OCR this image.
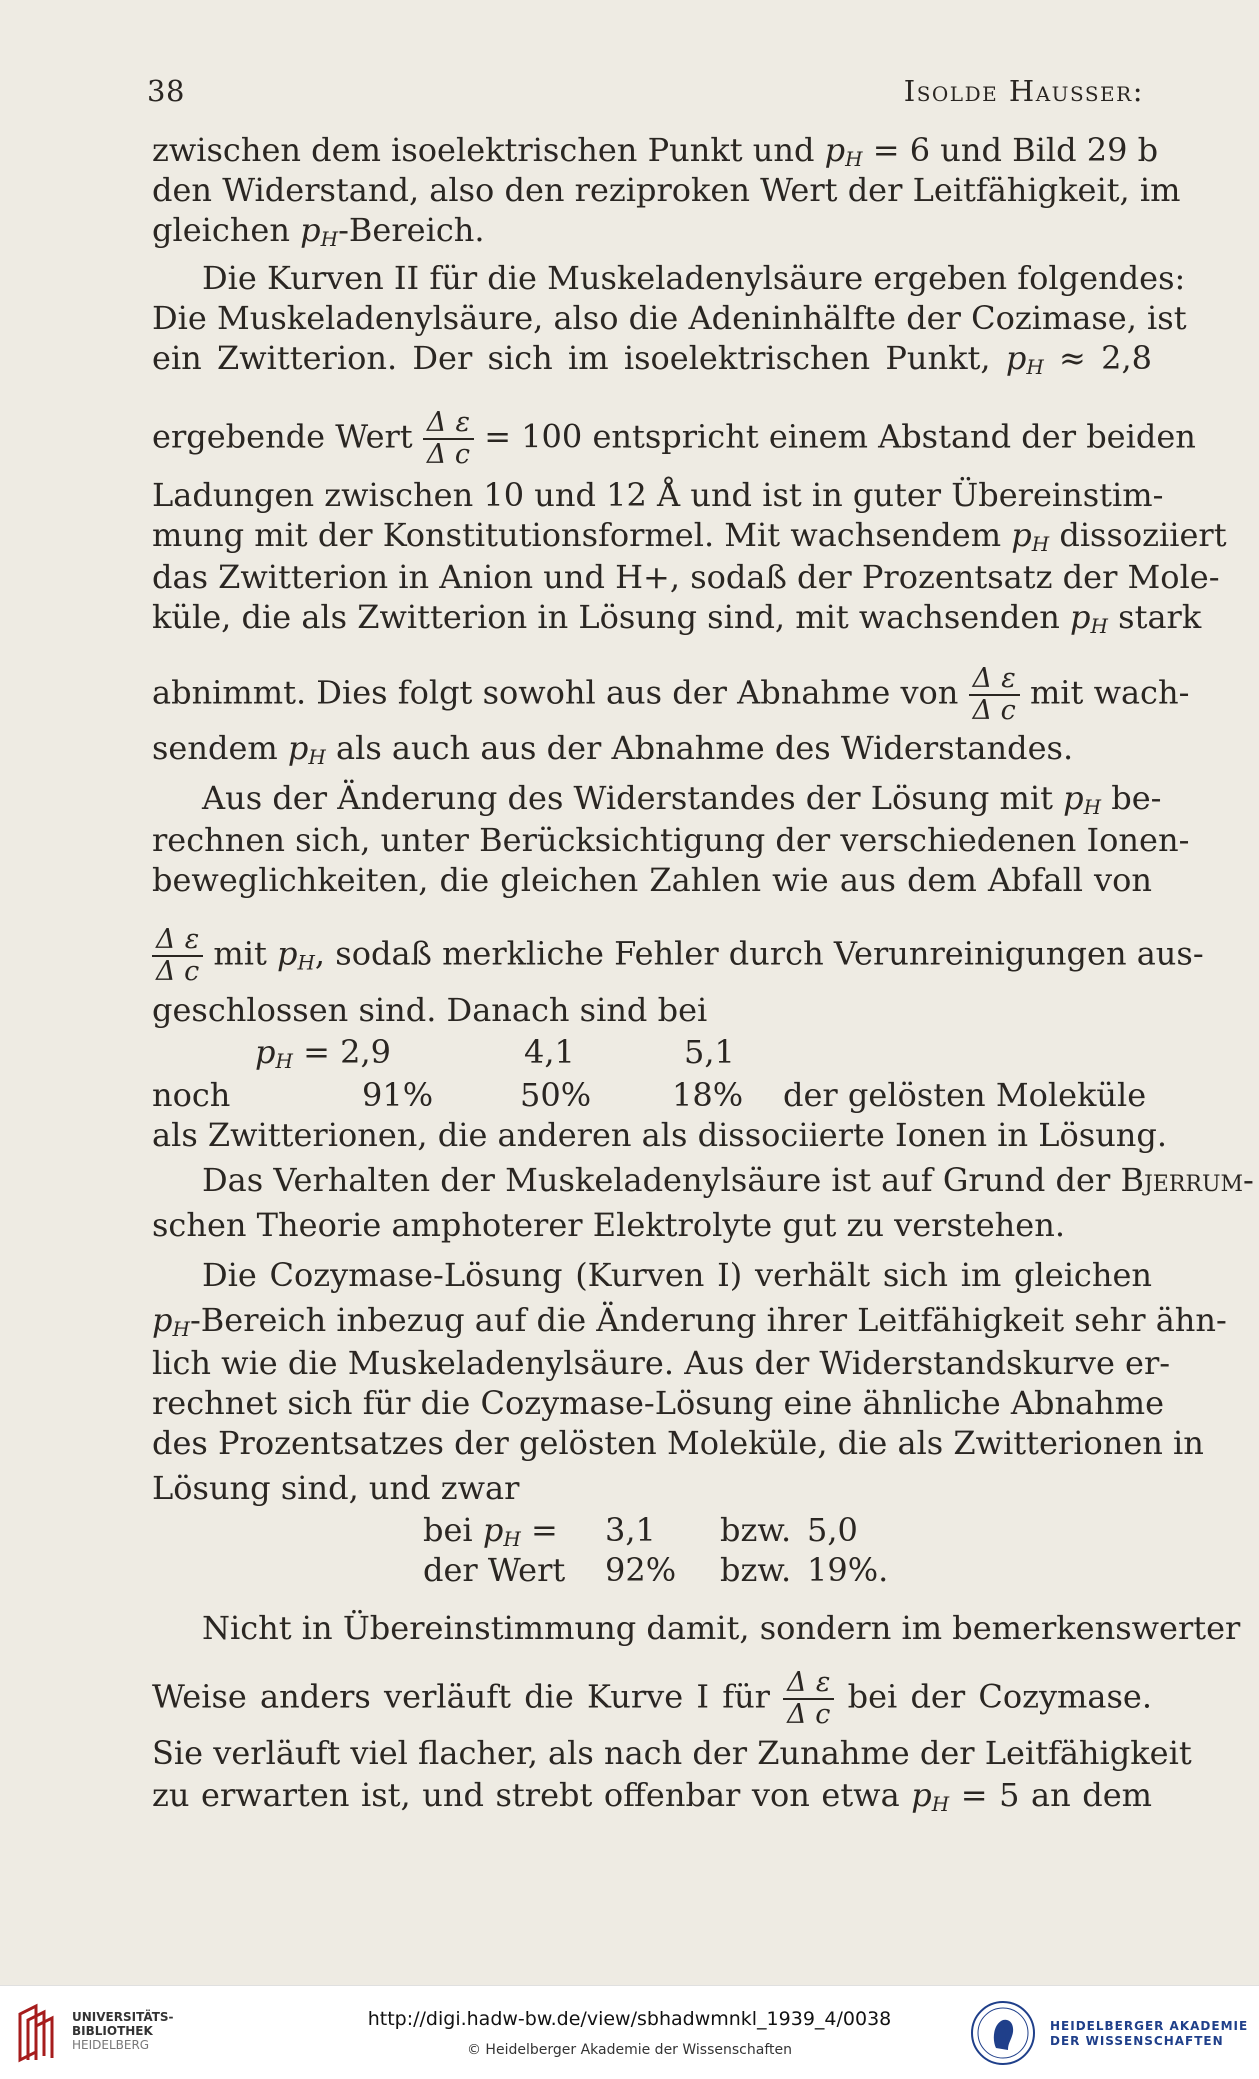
38	Isolde Hausser:
zwischen dem isoelektrischen Punkt und $p_H = 6$ und Bild 29 b
den Widerstand, also den reziproken Wert der Leitfähigkeit, im
gleichen $p_H$-Bereich.
Die Kurven II für die Muskeladenylsäure ergeben folgendes:
Die Muskeladenylsäure, also die Adeninhälfte der Cozimase, ist
ein Zwitterion. Der sich im isoelektrischen Punkt, $p_H \approx 2,8$
ergebende Wert $\frac{\text{Δ ε}}{\text{Δ c}} = 100$ entspricht einem Abstand der beiden
Ladungen zwischen 10 und 12 Å und ist in guter Übereinstim-
mung mit der Konstitutionsformel. Mit wachsendem $p_H$ dissoziiert
das Zwitterion in Anion und H+, sodaß der Prozentsatz der Mole-
küle, die als Zwitterion in Lösung sind, mit wachsenden $p_H$ stark
abnimmt. Dies folgt sowohl aus der Abnahme von $\frac{\text{Δ ε}}{\text{Δ c}}$ mit wach-
sendem $p_H$ als auch aus der Abnahme des Widerstandes.
Aus der Änderung des Widerstandes der Lösung mit $p_H$ be-
rechnen sich, unter Berücksichtigung der verschiedenen Ionen-
beweglichkeiten, die gleichen Zahlen wie aus dem Abfall von
$\frac{\text{Δ ε}}{\text{Δ c}}$ mit $p_H$, sodaß merkliche Fehler durch Verunreinigungen aus-
geschlossen sind. Danach sind bei
$p_H = 2,9$	4,1	5,1
noch	91%	50%	18% der gelösten Moleküle
als Zwitterionen, die anderen als dissociierte Ionen in Lösung.
Das Verhalten der Muskeladenylsäure ist auf Grund der Bjerrum-
schen Theorie amphoterer Elektrolyte gut zu verstehen.
Die Cozymase-Lösung (Kurven I) verhält sich im gleichen
$p_H$-Bereich inbezug auf die Änderung ihrer Leitfähigkeit sehr ähn-
lich wie die Muskeladenylsäure. Aus der Widerstandskurve er-
rechnet sich für die Cozymase-Lösung eine ähnliche Abnahme
des Prozentsatzes der gelösten Moleküle, die als Zwitterionen in
Lösung sind, und zwar
bei $p_H = 3,1$ bzw. 5,0
der Wert 92% bzw. 19%.
Nicht in Übereinstimmung damit, sondern im bemerkenswerter
Weise anders verläuft die Kurve I für $\frac{\text{Δ ε}}{\text{Δ c}}$ bei der Cozymase.
Sie verläuft viel flacher, als nach der Zunahme der Leitfähigkeit
zu erwarten ist, und strebt offenbar von etwa $p_H = 5$ an dem
UNIVERSITÄTS-
BIBLIOTHEK
HEIDELBERG
http://digi.hadw-bw.de/view/sbhadwmnkl_1939_4/0038
© Heidelberger Akademie der Wissenschaften
HEIDELBERGER AKADEMIE
DER WISSENSCHAFTEN
